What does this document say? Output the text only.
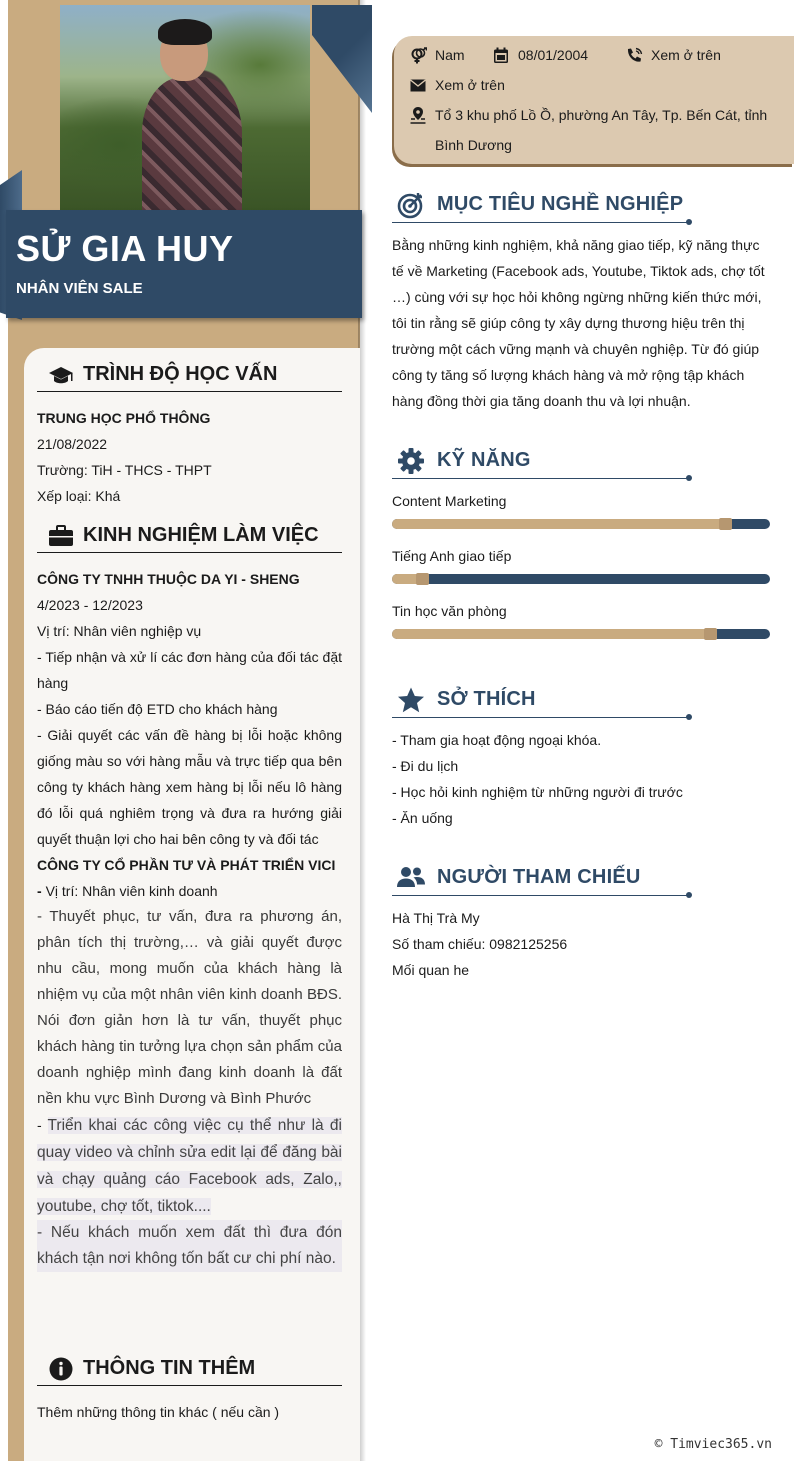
SỬ GIA HUY
NHÂN VIÊN SALE
TRÌNH ĐỘ HỌC VẤN
TRUNG HỌC PHỔ THÔNG
21/08/2022
Trường: TiH - THCS - THPT
Xếp loại: Khá
KINH NGHIỆM LÀM VIỆC
CÔNG TY TNHH THUỘC DA YI - SHENG
4/2023 - 12/2023
Vị trí: Nhân viên nghiệp vụ
- Tiếp nhận và xử lí các đơn hàng của đối tác đặt hàng
- Báo cáo tiến độ ETD cho khách hàng
- Giải quyết các vấn đề hàng bị lỗi hoặc không giống màu so với hàng mẫu và trực tiếp qua bên công ty khách hàng xem hàng bị lỗi nếu lô hàng đó lỗi quá nghiêm trọng và đưa ra hướng giải quyết thuận lợi cho hai bên công ty và đối tác
CÔNG TY CỔ PHẦN TƯ VÀ PHÁT TRIỂN VICI
- Vị trí: Nhân viên kinh doanh
- Thuyết phục, tư vấn, đưa ra phương án, phân tích thị trường,… và giải quyết được nhu cầu, mong muốn của khách hàng là nhiệm vụ của một nhân viên kinh doanh BĐS. Nói đơn giản hơn là tư vấn, thuyết phục khách hàng tin tưởng lựa chọn sản phẩm của doanh nghiệp mình đang kinh doanh là đất nền khu vực Bình Dương và Bình Phước
- Triển khai các công việc cụ thể như là đi quay video và chỉnh sửa edit lại để đăng bài và chạy quảng cáo Facebook ads, Zalo,, youtube, chợ tốt, tiktok....
- Nếu khách muốn xem đất thì đưa đón khách tận nơi không tốn bất cư chi phí nào.
THÔNG TIN THÊM
Thêm những thông tin khác ( nếu cần )
Nam	08/01/2004	Xem ở trên
Xem ở trên
Tổ 3 khu phố Lồ Ồ, phường An Tây, Tp. Bến Cát, tỉnh
Bình Dương
MỤC TIÊU NGHỀ NGHIỆP
Bằng những kinh nghiệm, khả năng giao tiếp, kỹ năng thực tế về Marketing (Facebook ads, Youtube, Tiktok ads, chợ tốt …) cùng với sự học hỏi không ngừng những kiến thức mới, tôi tin rằng sẽ giúp công ty xây dựng thương hiệu trên thị trường một cách vững mạnh và chuyên nghiệp. Từ đó giúp công ty tăng số lượng khách hàng và mở rộng tập khách hàng đồng thời gia tăng doanh thu và lợi nhuận.
KỸ NĂNG
Content Marketing
Tiếng Anh giao tiếp
Tin học văn phòng
SỞ THÍCH
- Tham gia hoạt động ngoại khóa.
- Đi du lịch
- Học hỏi kinh nghiệm từ những người đi trước
- Ăn uống
NGƯỜI THAM CHIẾU
Hà Thị Trà My
Số tham chiếu: 0982125256
Mối quan he
© Timviec365.vn
